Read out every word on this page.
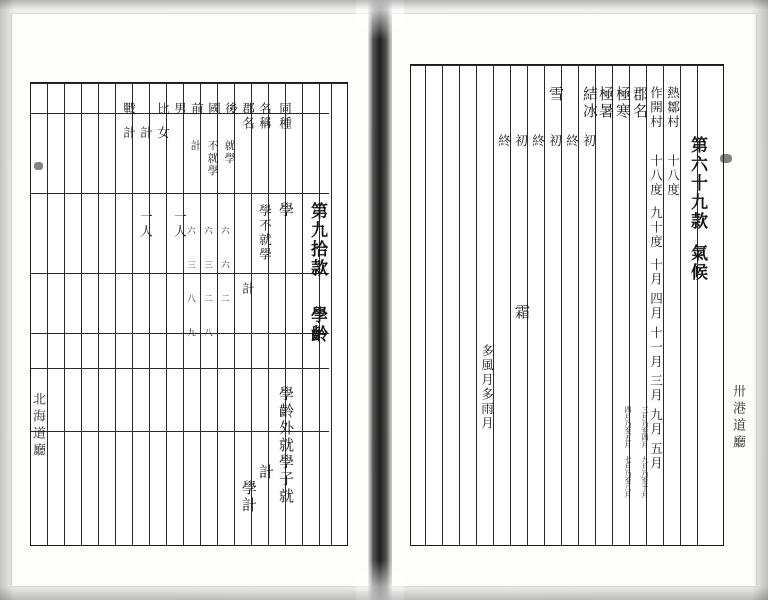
第六十九款
氣候
郡名
極寒
極暑
初
結冰
終
初
雪
終
初
霜
終
多風月多雨月
作開村
十八度
九十度
十月
四月
十一月
三月
九月
五月
三月乃至四月 九月乃至十月
熱鄒村
十八度
四月乃至五月 七月乃至八月	卅港道廳
第九拾款
學齡
同種
學
名稱
學不就學
郡名
計
後
就學
國
不就學
前
計
男
一人
比
女
計
一人
戰
計
學齡外就學子就
計
學計
六
六
六
六
三
三
二
二
八
八
九
北海道廳
